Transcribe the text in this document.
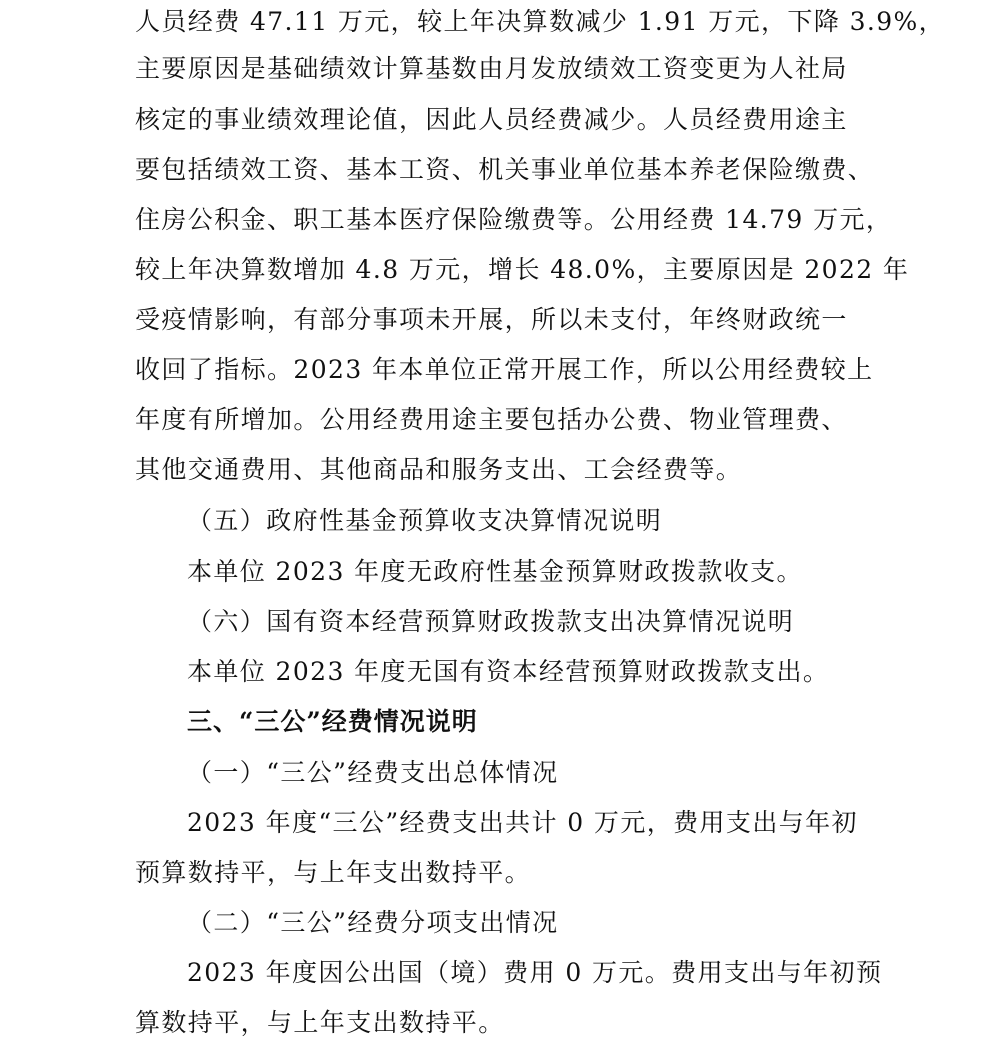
人员经费 47.11 万元，较上年决算数减少 1.91 万元，下降 3.9%，
主要原因是基础绩效计算基数由月发放绩效工资变更为人社局
核定的事业绩效理论值，因此人员经费减少。人员经费用途主
要包括绩效工资、基本工资、机关事业单位基本养老保险缴费、
住房公积金、职工基本医疗保险缴费等。公用经费 14.79 万元，
较上年决算数增加 4.8 万元，增长 48.0%，主要原因是 2022 年
受疫情影响，有部分事项未开展，所以未支付，年终财政统一
收回了指标。2023 年本单位正常开展工作，所以公用经费较上
年度有所增加。公用经费用途主要包括办公费、物业管理费、
其他交通费用、其他商品和服务支出、工会经费等。
（五）政府性基金预算收支决算情况说明
本单位 2023 年度无政府性基金预算财政拨款收支。
（六）国有资本经营预算财政拨款支出决算情况说明
本单位 2023 年度无国有资本经营预算财政拨款支出。
三、“三公”经费情况说明
（一）“三公”经费支出总体情况
2023 年度“三公”经费支出共计 0 万元，费用支出与年初
预算数持平，与上年支出数持平。
（二）“三公”经费分项支出情况
2023 年度因公出国（境）费用 0 万元。费用支出与年初预
算数持平，与上年支出数持平。
